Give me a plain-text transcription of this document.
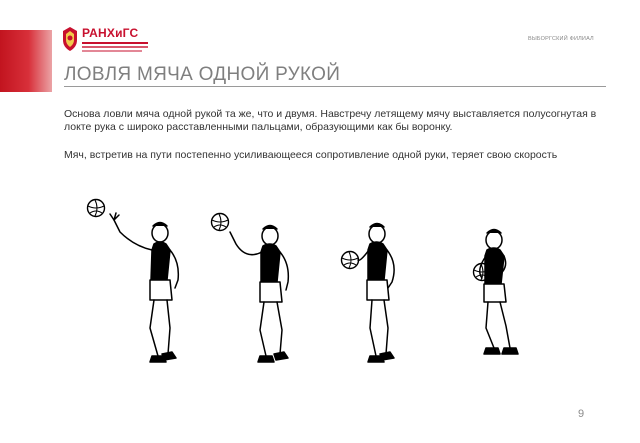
РАНХиГС	ВЫБОРГСКИЙ ФИЛИАЛ
ЛОВЛЯ МЯЧА ОДНОЙ РУКОЙ

Основа ловли мяча одной рукой та же, что и двумя. Навстречу летящему мячу выставляется полусогнутая в локте рука с широко расставленными пальцами, образующими как бы воронку.

Мяч, встретив на пути постепенно усиливающееся сопротивление одной руки, теряет свою скорость

9
